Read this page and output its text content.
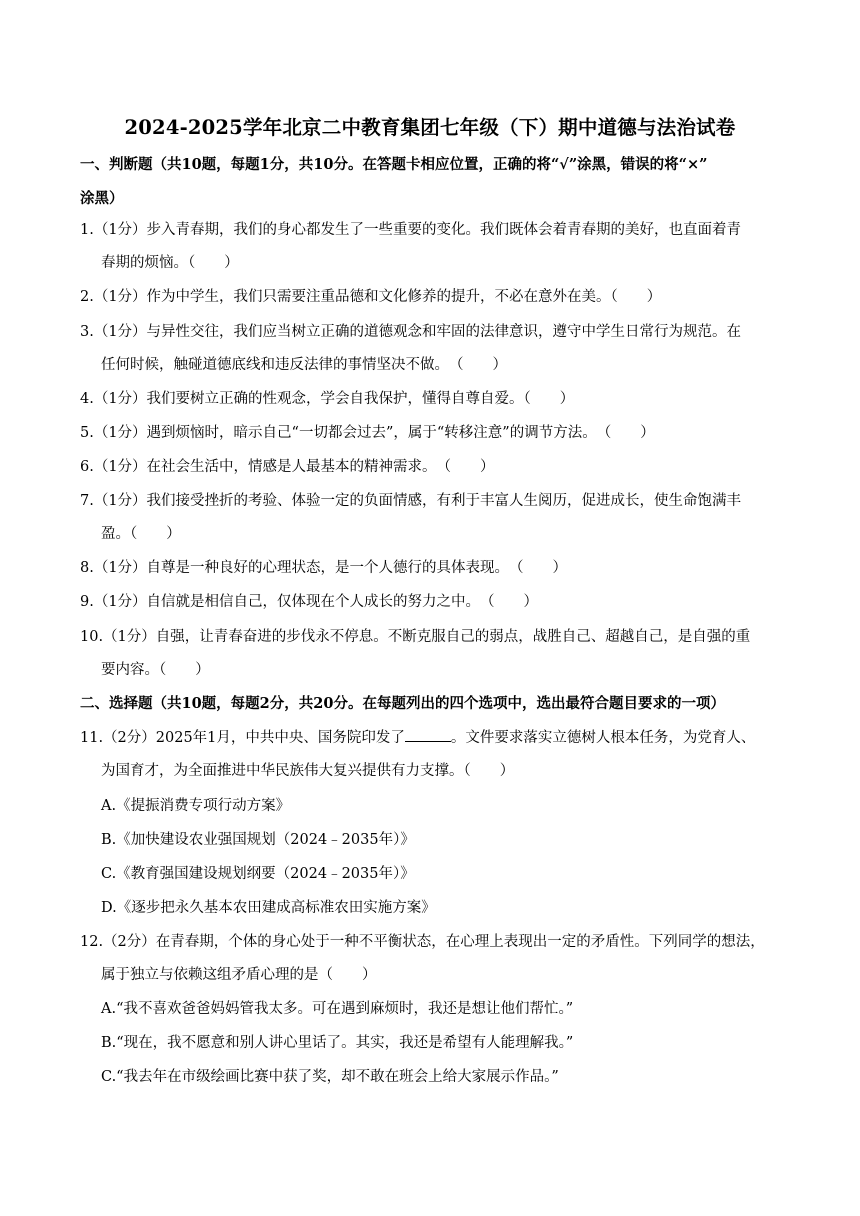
2024-2025学年北京二中教育集团七年级（下）期中道德与法治试卷
一、判断题（共10题，每题1分，共10分。在答题卡相应位置，正确的将“√”涂黑，错误的将“×”
涂黑）
1.（1分）步入青春期，我们的身心都发生了一些重要的变化。我们既体会着青春期的美好，也直面着青
春期的烦恼。（　　）
2.（1分）作为中学生，我们只需要注重品德和文化修养的提升，不必在意外在美。（　　）
3.（1分）与异性交往，我们应当树立正确的道德观念和牢固的法律意识，遵守中学生日常行为规范。在
任何时候，触碰道德底线和违反法律的事情坚决不做。　（　　）
4.（1分）我们要树立正确的性观念，学会自我保护，懂得自尊自爱。（　　）
5.（1分）遇到烦恼时，暗示自己“一切都会过去”，属于“转移注意”的调节方法。　（　　）
6.（1分）在社会生活中，情感是人最基本的精神需求。　（　　）
7.（1分）我们接受挫折的考验、体验一定的负面情感，有利于丰富人生阅历，促进成长，使生命饱满丰
盈。（　　）
8.（1分）自尊是一种良好的心理状态，是一个人德行的具体表现。　（　　）
9.（1分）自信就是相信自己，仅体现在个人成长的努力之中。　（　　）
10.（1分）自强，让青春奋进的步伐永不停息。不断克服自己的弱点，战胜自己、超越自己，是自强的重
要内容。（　　）
二、选择题（共10题，每题2分，共20分。在每题列出的四个选项中，选出最符合题目要求的一项）
11.（2分）2025年1月，中共中央、国务院印发了	。文件要求落实立德树人根本任务，为党育人、
为国育才，为全面推进中华民族伟大复兴提供有力支撑。（　　）
A.《提振消费专项行动方案》
B.《加快建设农业强国规划（2024﹣2035年）》
C.《教育强国建设规划纲要（2024﹣2035年）》
D.《逐步把永久基本农田建成高标准农田实施方案》
12.（2分）在青春期，个体的身心处于一种不平衡状态，在心理上表现出一定的矛盾性。下列同学的想法，
属于独立与依赖这组矛盾心理的是（　　）
A.“我不喜欢爸爸妈妈管我太多。可在遇到麻烦时，我还是想让他们帮忙。”
B.“现在，我不愿意和别人讲心里话了。其实，我还是希望有人能理解我。”
C.“我去年在市级绘画比赛中获了奖，却不敢在班会上给大家展示作品。”
